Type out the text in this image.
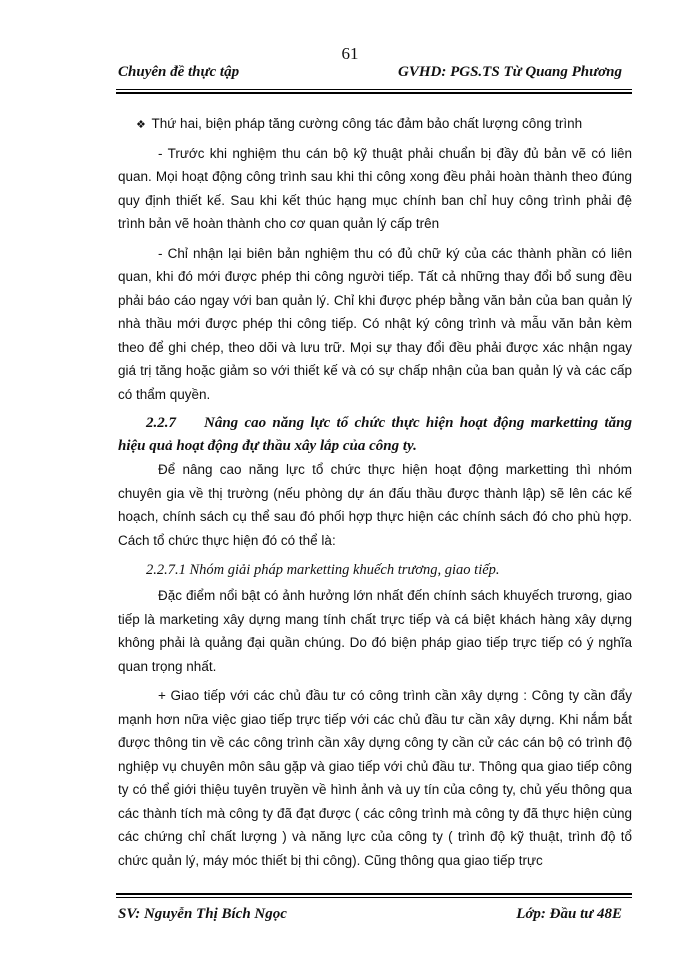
61
Chuyên đề thực tập	GVHD: PGS.TS Từ Quang Phương
❖ Thứ hai, biện pháp tăng cường công tác đảm bảo chất lượng công trình

- Trước khi nghiệm thu cán bộ kỹ thuật phải chuẩn bị đầy đủ bản vẽ có liên quan. Mọi hoạt động công trình sau khi thi công xong đều phải hoàn thành theo đúng quy định thiết kế. Sau khi kết thúc hạng mục chính ban chỉ huy công trình phải đệ trình bản vẽ hoàn thành cho cơ quan quản lý cấp trên

- Chỉ nhận lại biên bản nghiệm thu có đủ chữ ký của các thành phần có liên quan, khi đó mới được phép thi công người tiếp. Tất cả những thay đổi bổ sung đều phải báo cáo ngay với ban quản lý. Chỉ khi được phép bằng văn bản của ban quản lý nhà thầu mới được phép thi công tiếp. Có nhật ký công trình và mẫu văn bản kèm theo để ghi chép, theo dõi và lưu trữ. Mọi sự thay đổi đều phải được xác nhận ngay giá trị tăng hoặc giảm so với thiết kế và có sự chấp nhận của ban quản lý và các cấp có thẩm quyền.

2.2.7 Nâng cao năng lực tổ chức thực hiện hoạt động marketting tăng hiệu quả hoạt động đự thầu xây lắp của công ty.

Để nâng cao năng lực tổ chức thực hiện hoạt động marketting thì nhóm chuyên gia về thị trường (nếu phòng dự án đấu thầu được thành lập) sẽ lên các kế hoạch, chính sách cụ thể sau đó phối hợp thực hiện các chính sách đó cho phù hợp. Cách tổ chức thực hiện đó có thể là:

2.2.7.1 Nhóm giải pháp marketting khuếch trương, giao tiếp.

Đặc điểm nổi bật có ảnh hưởng lớn nhất đến chính sách khuyếch trương, giao tiếp là marketing xây dựng mang tính chất trực tiếp và cá biệt khách hàng xây dựng không phải là quảng đại quần chúng. Do đó biện pháp giao tiếp trực tiếp có ý nghĩa quan trọng nhất.

+ Giao tiếp với các chủ đầu tư có công trình cần xây dựng : Công ty cần đẩy mạnh hơn nữa việc giao tiếp trực tiếp với các chủ đầu tư cần xây dựng. Khi nắm bắt được thông tin về các công trình cần xây dựng công ty cần cử các cán bộ có trình độ nghiệp vụ chuyên môn sâu gặp và giao tiếp với chủ đầu tư. Thông qua giao tiếp công ty có thể giới thiệu tuyên truyền về hình ảnh và uy tín của công ty, chủ yếu thông qua các thành tích mà công ty đã đạt được ( các công trình mà công ty đã thực hiện cùng các chứng chỉ chất lượng ) và năng lực của công ty ( trình độ kỹ thuật, trình độ tổ chức quản lý, máy móc thiết bị thi công). Cũng thông qua giao tiếp trực

SV: Nguyễn Thị Bích Ngọc	Lớp: Đầu tư 48E
